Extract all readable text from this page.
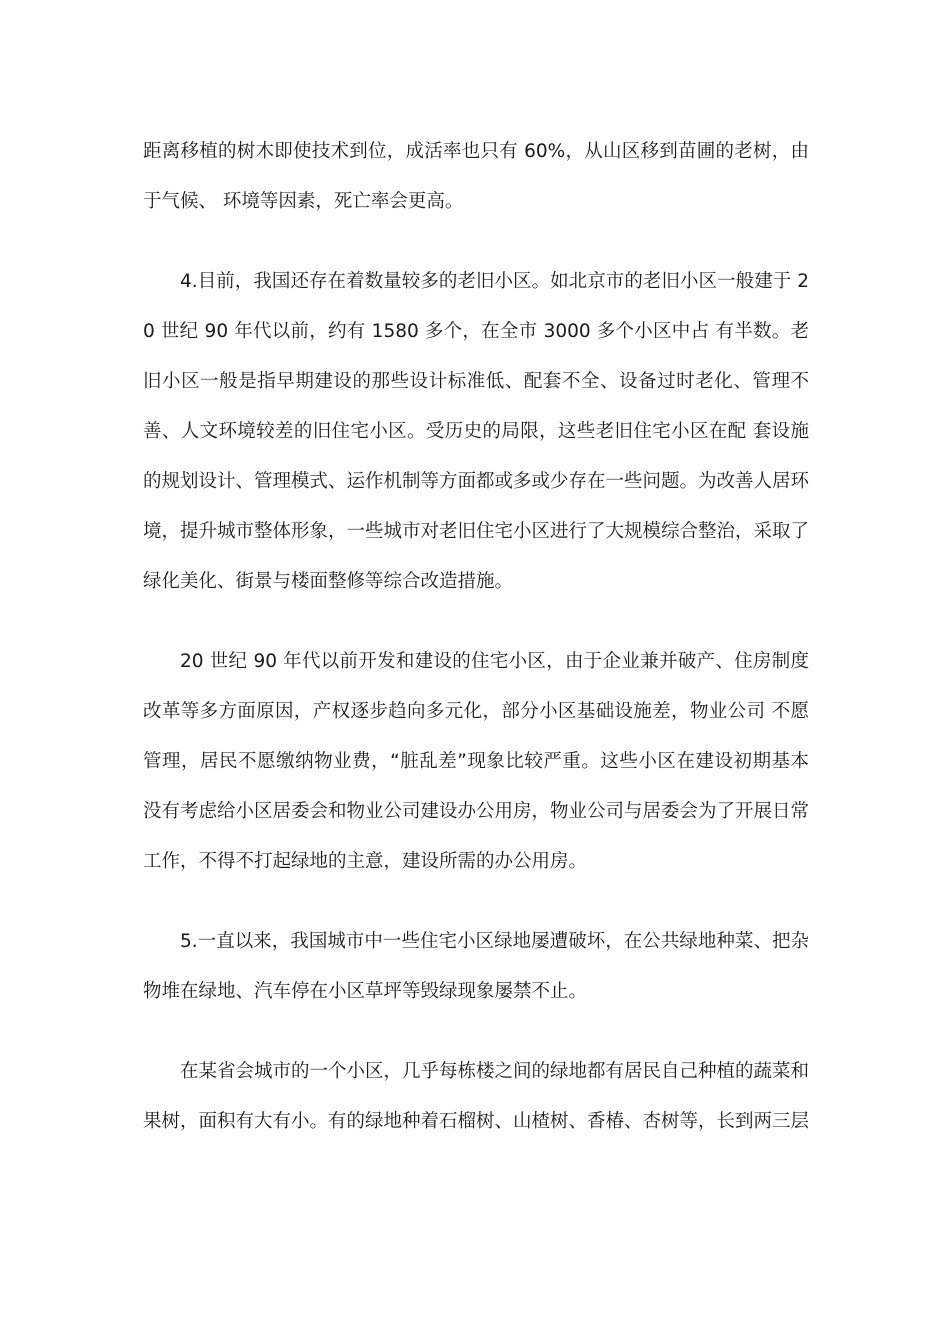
距离移植的树木即使技术到位，成活率也只有 60%，从山区移到苗圃的老树，由于气候、 环境等因素，死亡率会更高。

4.目前，我国还存在着数量较多的老旧小区。如北京市的老旧小区一般建于 20 世纪 90 年代以前，约有 1580 多个，在全市 3000 多个小区中占 有半数。老旧小区一般是指早期建设的那些设计标准低、配套不全、设备过时老化、管理不善、人文环境较差的旧住宅小区。受历史的局限，这些老旧住宅小区在配 套设施的规划设计、管理模式、运作机制等方面都或多或少存在一些问题。为改善人居环境，提升城市整体形象，一些城市对老旧住宅小区进行了大规模综合整治，采取了绿化美化、街景与楼面整修等综合改造措施。

20 世纪 90 年代以前开发和建设的住宅小区，由于企业兼并破产、住房制度改革等多方面原因，产权逐步趋向多元化，部分小区基础设施差，物业公司 不愿管理，居民不愿缴纳物业费，“脏乱差”现象比较严重。这些小区在建设初期基本没有考虑给小区居委会和物业公司建设办公用房，物业公司与居委会为了开展日常工作，不得不打起绿地的主意，建设所需的办公用房。

5.一直以来，我国城市中一些住宅小区绿地屡遭破坏，在公共绿地种菜、把杂物堆在绿地、汽车停在小区草坪等毁绿现象屡禁不止。

在某省会城市的一个小区，几乎每栋楼之间的绿地都有居民自己种植的蔬菜和果树，面积有大有小。有的绿地种着石榴树、山楂树、香椿、杏树等，长到两三层
